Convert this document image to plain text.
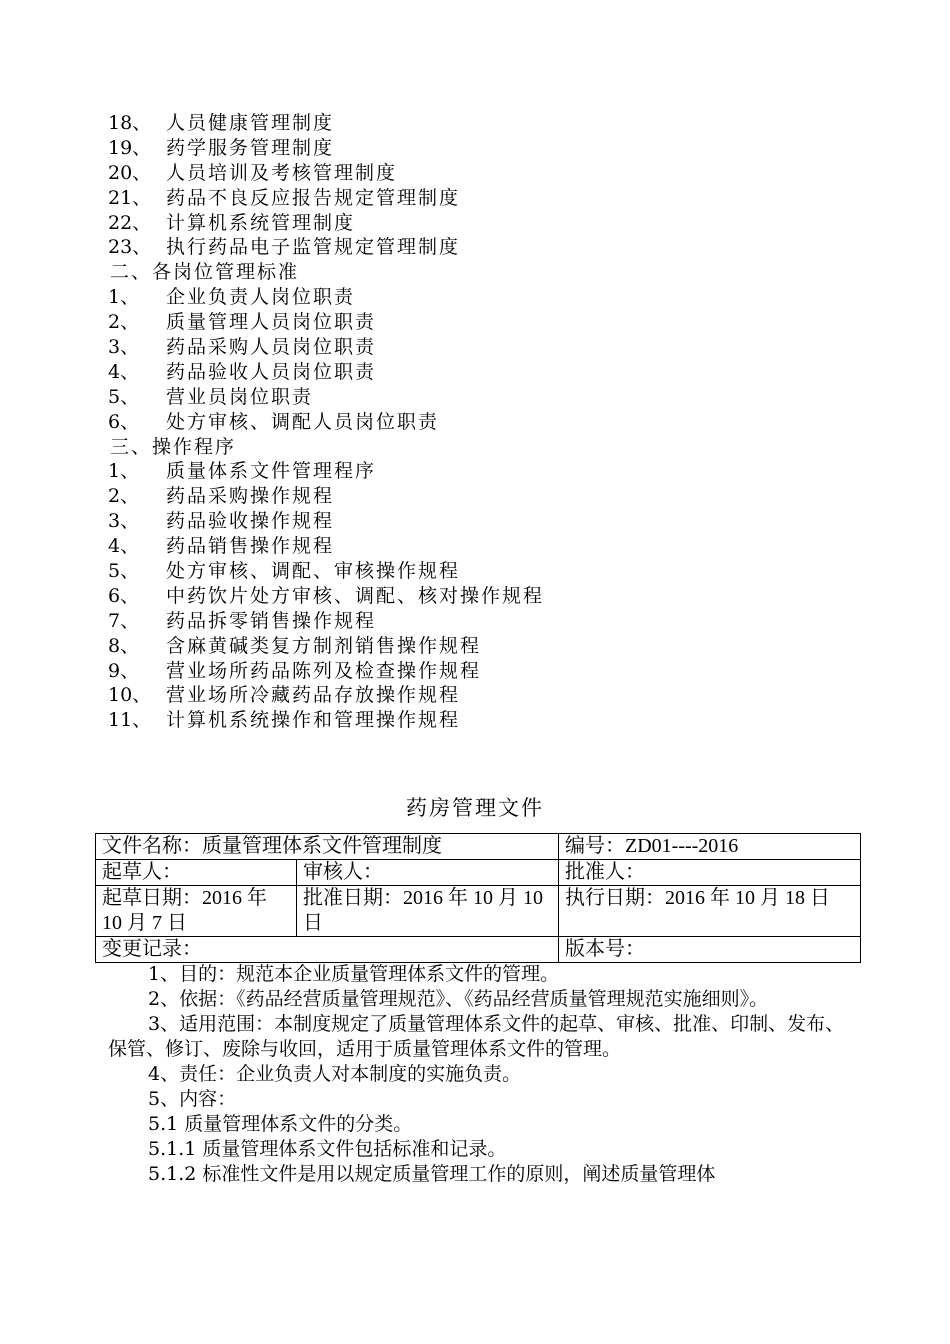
18、 人员健康管理制度
19、 药学服务管理制度
20、 人员培训及考核管理制度
21、 药品不良反应报告规定管理制度
22、 计算机系统管理制度
23、 执行药品电子监管规定管理制度
二、各岗位管理标准
1、	企业负责人岗位职责
2、	质量管理人员岗位职责
3、	药品采购人员岗位职责
4、	药品验收人员岗位职责
5、	营业员岗位职责
6、	处方审核、调配人员岗位职责
三、操作程序
1、	质量体系文件管理程序
2、	药品采购操作规程
3、	药品验收操作规程
4、	药品销售操作规程
5、	处方审核、调配、审核操作规程
6、	中药饮片处方审核、调配、核对操作规程
7、	药品拆零销售操作规程
8、	含麻黄碱类复方制剂销售操作规程
9、	营业场所药品陈列及检查操作规程
10、 营业场所冷藏药品存放操作规程
11、 计算机系统操作和管理操作规程
药房管理文件
文件名称：质量管理体系文件管理制度		编号：ZD01----2016
起草人：	审核人：	批准人：
起草日期：2016 年 10 月 7 日	批准日期：2016 年 10 月 10 日	执行日期：2016 年 10 月 18 日
变更记录：		版本号：

1、目的：规范本企业质量管理体系文件的管理。

2、依据：《药品经营质量管理规范》、《药品经营质量管理规范实施细则》。

3、适用范围：本制度规定了质量管理体系文件的起草、审核、批准、印制、发布、保管、修订、废除与收回，适用于质量管理体系文件的管理。

4、责任：企业负责人对本制度的实施负责。

5、内容：

5.1 质量管理体系文件的分类。

5.1.1 质量管理体系文件包括标准和记录。

5.1.2 标准性文件是用以规定质量管理工作的原则，阐述质量管理体
